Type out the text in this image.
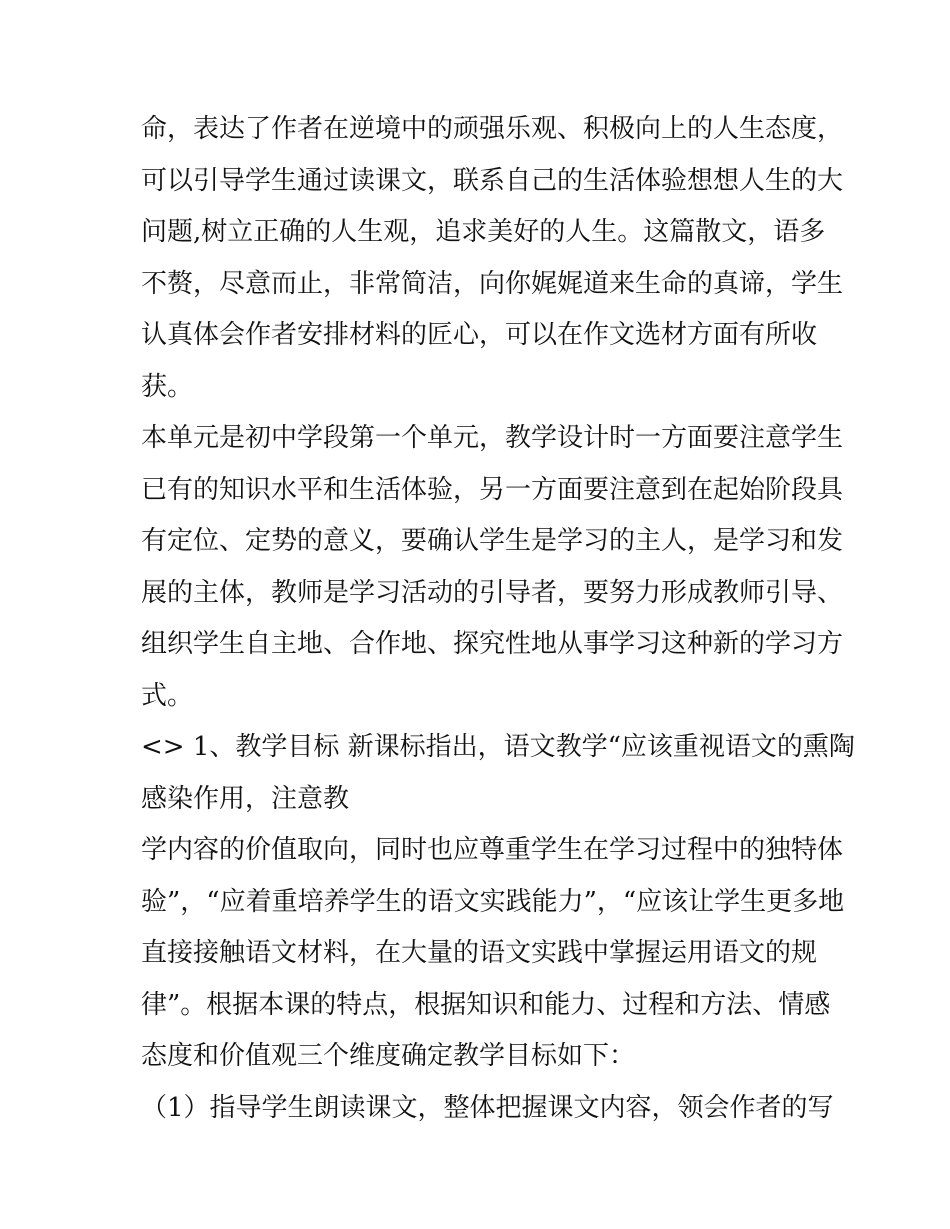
命，表达了作者在逆境中的顽强乐观、积极向上的人生态度，
可以引导学生通过读课文，联系自己的生活体验想想人生的大
问题,树立正确的人生观，追求美好的人生。这篇散文，语多
不赘，尽意而止，非常简洁，向你娓娓道来生命的真谛，学生
认真体会作者安排材料的匠心，可以在作文选材方面有所收
获。
本单元是初中学段第一个单元，教学设计时一方面要注意学生
已有的知识水平和生活体验，另一方面要注意到在起始阶段具
有定位、定势的意义，要确认学生是学习的主人，是学习和发
展的主体，教师是学习活动的引导者，要努力形成教师引导、
组织学生自主地、合作地、探究性地从事学习这种新的学习方
式。
<> 1、教学目标 新课标指出，语文教学“应该重视语文的熏陶
感染作用，注意教
学内容的价值取向，同时也应尊重学生在学习过程中的独特体
验”，“应着重培养学生的语文实践能力”，“应该让学生更多地
直接接触语文材料，在大量的语文实践中掌握运用语文的规
律”。根据本课的特点，根据知识和能力、过程和方法、情感
态度和价值观三个维度确定教学目标如下：
（1）指导学生朗读课文，整体把握课文内容，领会作者的写
